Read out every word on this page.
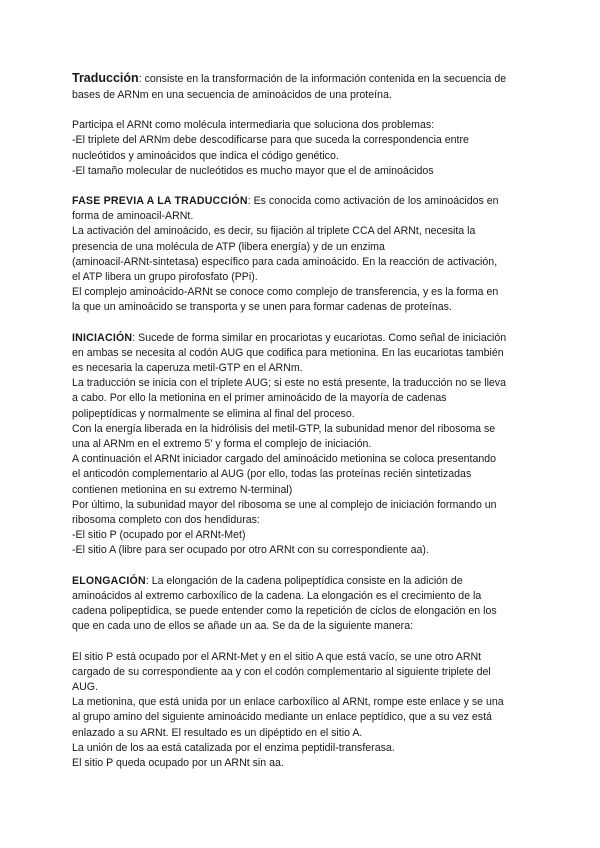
Traducción: consiste en la transformación de la información contenida en la secuencia de
bases de ARNm en una secuencia de aminoácidos de una proteína.
Participa el ARNt como molécula intermediaria que soluciona dos problemas:
-El triplete del ARNm debe descodificarse para que suceda la correspondencia entre
nucleótidos y aminoácidos que indica el código genético.
-El tamaño molecular de nucleótidos es mucho mayor que el de aminoácidos
FASE PREVIA A LA TRADUCCIÓN: Es conocida como activación de los aminoácidos en
forma de aminoacil-ARNt.
La activación del aminoácido, es decir, su fijación al triplete CCA del ARNt, necesita la
presencia de una molécula de ATP (libera energía) y de un enzima
(aminoacil-ARNt-sintetasa) específico para cada aminoácido. En la reacción de activación,
el ATP libera un grupo pirofosfato (PPi).
El complejo aminoácido-ARNt se conoce como complejo de transferencia, y es la forma en
la que un aminoácido se transporta y se unen para formar cadenas de proteínas.
INICIACIÓN: Sucede de forma similar en procariotas y eucariotas. Como señal de iniciación
en ambas se necesita al codón AUG que codifica para metionina. En las eucariotas también
es necesaria la caperuza metil-GTP en el ARNm.
La traducción se inicia con el triplete AUG; si este no está presente, la traducción no se lleva
a cabo. Por ello la metionina en el primer aminoácido de la mayoría de cadenas
polipeptídicas y normalmente se elimina al final del proceso.
Con la energía liberada en la hidrólisis del metil-GTP, la subunidad menor del ribosoma se
una al ARNm en el extremo 5' y forma el complejo de iniciación.
A continuación el ARNt iniciador cargado del aminoácido metionina se coloca presentando
el anticodón complementario al AUG (por ello, todas las proteínas recién sintetizadas
contienen metionina en su extremo N-terminal)
Por último, la subunidad mayor del ribosoma se une al complejo de iniciación formando un
ribosoma completo con dos hendiduras:
-El sitio P (ocupado por el ARNt-Met)
-El sitio A (libre para ser ocupado por otro ARNt con su correspondiente aa).
ELONGACIÓN: La elongación de la cadena polipeptídica consiste en la adición de
aminoácidos al extremo carboxílico de la cadena. La elongación es el crecimiento de la
cadena polipeptídica, se puede entender como la repetición de ciclos de elongación en los
que en cada uno de ellos se añade un aa. Se da de la siguiente manera:
El sitio P está ocupado por el ARNt-Met y en el sitio A que está vacío, se une otro ARNt
cargado de su correspondiente aa y con el codón complementario al siguiente triplete del
AUG.
La metionina, que está unida por un enlace carboxílico al ARNt, rompe este enlace y se una
al grupo amino del siguiente aminoácido mediante un enlace peptídico, que a su vez está
enlazado a su ARNt. El resultado es un dipéptido en el sitio A.
La unión de los aa está catalizada por el enzima peptidil-transferasa.
El sitio P queda ocupado por un ARNt sin aa.
